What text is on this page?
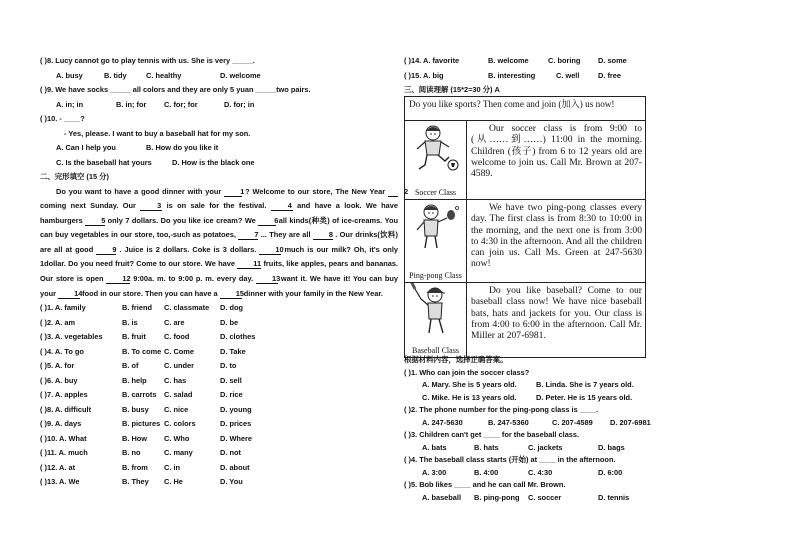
( )8. Lucy cannot go to play tennis with us. She is very _____.
A. busy	B. tidy	C. healthy	D. welcome
( )9. We have socks _____ all colors and they are only 5 yuan _____two pairs.
A. in; in	B. in; for C. for; for	D. for; in
( )10. - ____?
- Yes, please. I want to buy a baseball hat for my son.
A. Can I help you	B. How do you like it
C. Is the baseball hat yours	D. How is the black one
二、完形填空 (15 分)
Do you want to have a good dinner with your	1 ? Welcome to our store, The New Year	2 coming next Sunday. Our	3 is on sale for the festival.	4 and have a look. We have hamburgers 5 only 7 dollars. Do you like ice cream? We 6 all kinds(种类) of ice-creams. You can buy vegetables in our store, too,-such as potatoes, 7 ... They are all 8 . Our drinks(饮料) are all at good	9 . Juice is 2 dollars. Coke is 3 dollars.	10 much is our milk? Oh, it's only 1dollar. Do you need fruit? Come to our store. We have 11 fruits, like apples, pears and bananas. Our store is open	12 9:00a. m. to 9:00 p. m. every day.	13 want it. We have it! You can buy your 14 food in our store. Then you can have a 15 dinner with your family in the New Year.
( )1. A. family	B. friend C. classmate D. dog
( )2. A. am	B. is	C. are	D. be
( )3. A. vegetables	B. fruit C. food	D. clothes
( )4. A. To go	B. To come C. Come	D. Take
( )5. A. for	B. of	C. under	D. to
( )6. A. buy	B. help C. has	D. sell
( )7. A. apples	B. carrots C. salad	D. rice
( )8. A. difficult	B. busy C. nice	D. young
( )9. A. days	B. pictures C. colors	D. prices
( )10. A. What	B. How C. Who	D. Where
( )11. A. much	B. no	C. many	D. not
( )12. A. at	B. from C. in	D. about
( )13. A. We	B. They C. He	D. You
( )14. A. favorite	B. welcome	C. boring D. some
( )15. A. big	B. interesting	C. well	D. free
三、阅读理解 (15*2=30 分) A
Do you like sports? Then come and join (加入) us now!
Soccer Class
Our soccer class is from 9:00 to (从……到……) 11:00 in the morning. Children (孩子) from 6 to 12 years old are welcome to join us. Call Mr. Brown at 207-4589.
Ping-pong Class
We have two ping-pong classes every day. The first class is from 8:30 to 10:00 in the morning, and the next one is from 3:00 to 4:30 in the afternoon. And all the children can join us. Call Ms. Green at 247-5630 now!
Baseball Class
Do you like baseball? Come to our baseball class now! We have nice baseball bats, hats and jackets for you. Our class is from 4:00 to 6:00 in the afternoon. Call Mr. Miller at 207-6981.
根据材料内容，选择正确答案。
( )1. Who can join the soccer class?
A. Mary. She is 5 years old.	B. Linda. She is 7 years old.
C. Mike. He is 13 years old.	D. Peter. He is 15 years old.
( )2. The phone number for the ping-pong class is ____.
A. 247-5630	B. 247-5360	C. 207-4589 D. 207-6981
( )3. Children can't get ____ for the baseball class.
A. bats	B. hats	C. jackets	D. bags
( )4. The baseball class starts (开始) at ____ in the afternoon.
A. 3:00	B. 4:00	C. 4:30	D. 6:00
( )5. Bob likes ____ and he can call Mr. Brown.
A. baseball B. ping-pong C. soccer	D. tennis
